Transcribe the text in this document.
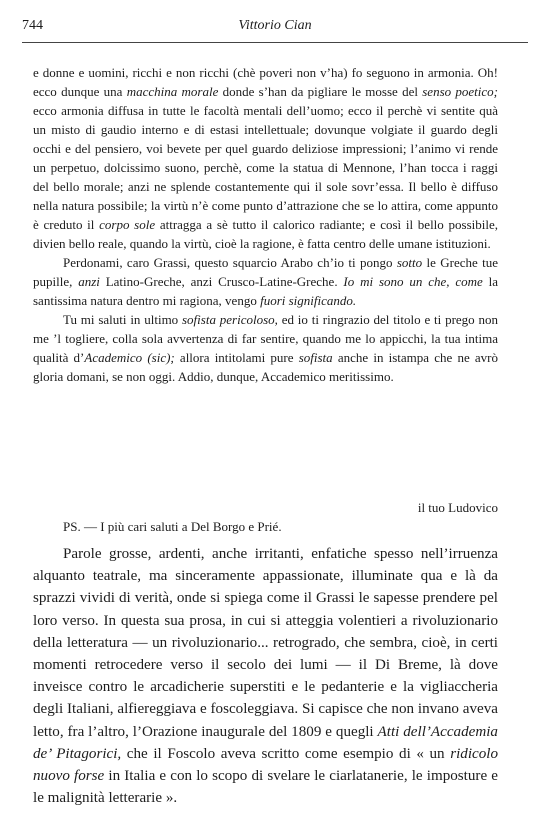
744	Vittorio Cian

e donne e uomini, ricchi e non ricchi (chè poveri non v’ha) fo seguono in armonia. Oh! ecco dunque una macchina morale donde s’han da pigliare le mosse del senso poetico; ecco armonia diffusa in tutte le facoltà mentali dell’uomo; ecco il perchè vi sentite quà un misto di gaudio interno e di estasi intellettuale; dovunque volgiate il guardo degli occhi e del pensiero, voi bevete per quel guardo deliziose impressioni; l’animo vi rende un perpetuo, dolcissimo suono, perchè, come la statua di Mennone, l’han tocca i raggi del bello morale; anzi ne splende costantemente qui il sole sovr’essa. Il bello è diffuso nella natura possibile; la virtù n’è come punto d’attrazione che se lo attira, come appunto è creduto il corpo sole attragga a sè tutto il calorico radiante; e così il bello possibile, divien bello reale, quando la virtù, cioè la ragione, è fatta centro delle umane istituzioni.

Perdonami, caro Grassi, questo squarcio Arabo ch’io ti pongo sotto le Greche tue pupille, anzi Latino-Greche, anzi Crusco-Latine-Greche. Io mi sono un che, come la santissima natura dentro mi ragiona, vengo fuori significando.

Tu mi saluti in ultimo sofista pericoloso, ed io ti ringrazio del titolo e ti prego non me ’l togliere, colla sola avvertenza di far sentire, quando me lo appicchi, la tua intima qualità d’Academico (sic); allora intitolami pure sofista anche in istampa che ne avrò gloria domani, se non oggi. Addio, dunque, Accademico meritissimo.

il tuo Ludovico
PS. — I più cari saluti a Del Borgo e Prié.

Parole grosse, ardenti, anche irritanti, enfatiche spesso nell’irruenza alquanto teatrale, ma sinceramente appassionate, illuminate qua e là da sprazzi vividi di verità, onde si spiega come il Grassi le sapesse prendere pel loro verso. In questa sua prosa, in cui si atteggia volentieri a rivoluzionario della letteratura — un rivoluzionario... retrogrado, che sembra, cioè, in certi momenti retrocedere verso il secolo dei lumi — il Di Breme, là dove inveisce contro le arcadicherie superstiti e le pedanterie e la vigliaccheria degli Italiani, alfiereggiava e foscoleggiava. Si capisce che non invano aveva letto, fra l’altro, l’Orazione inaugurale del 1809 e quegli Atti dell’Accademia de’ Pitagorici, che il Foscolo aveva scritto come esempio di « un ridicolo nuovo forse in Italia e con lo scopo di svelare le ciarlatanerie, le imposture e le malignità letterarie ».
